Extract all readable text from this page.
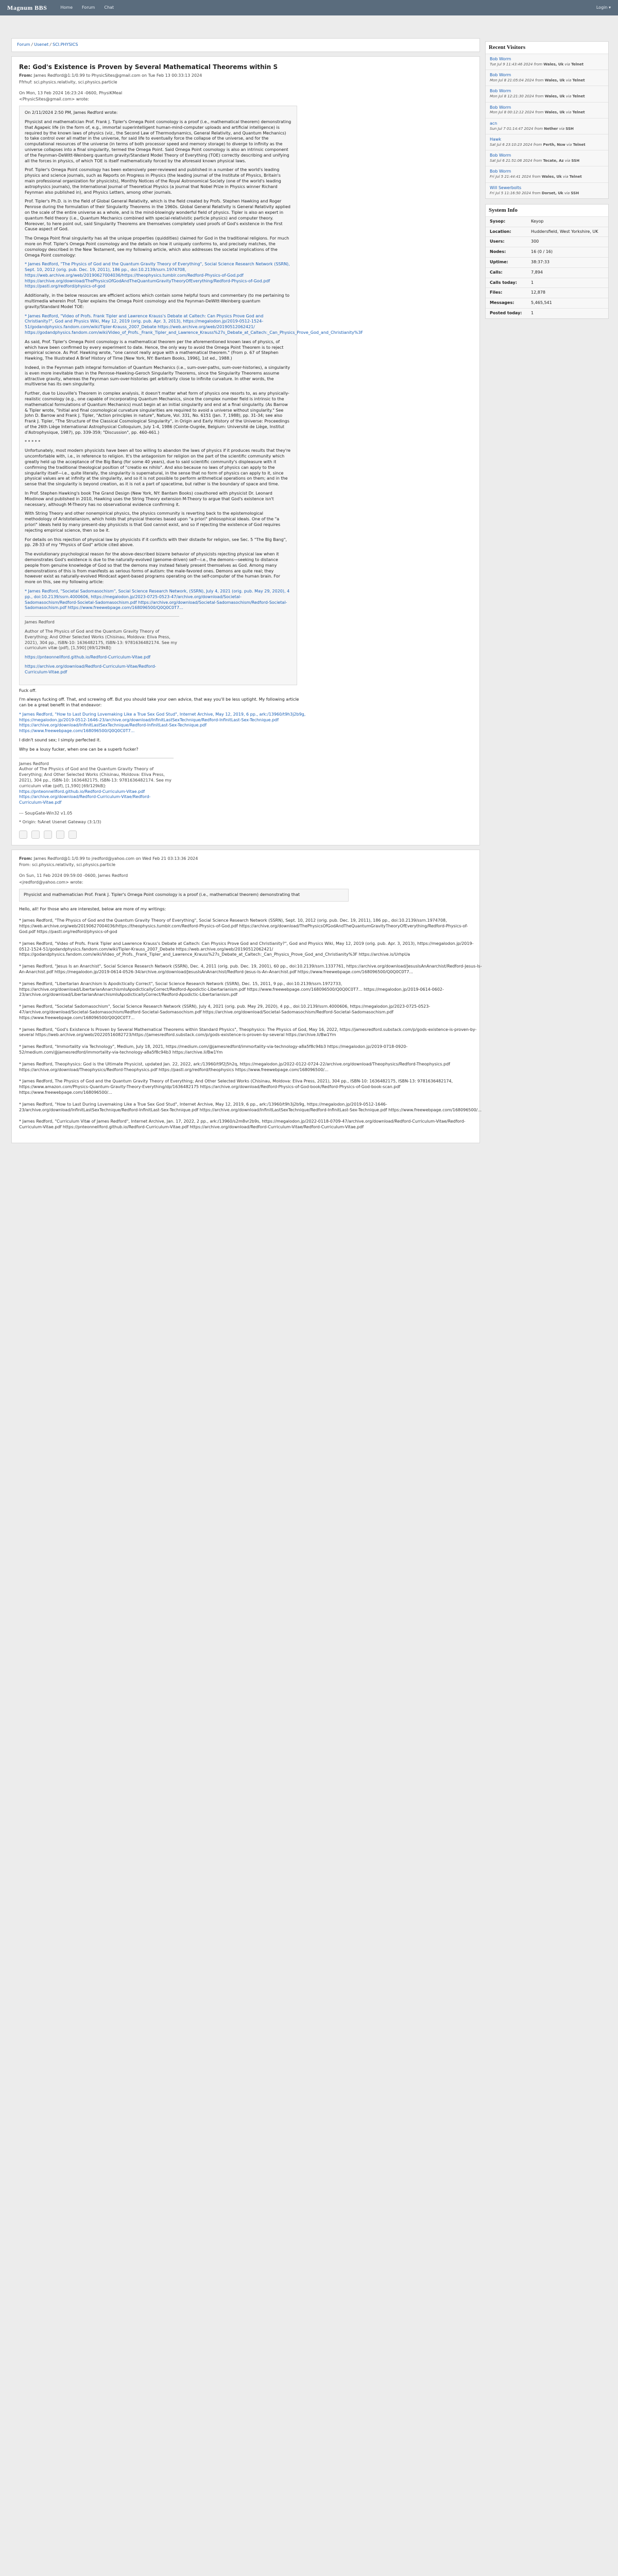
Magnum BBS	Home Forum Chat	Login ▾
Forum / Usenet / SCI.PHYSICS
Re: God's Existence is Proven by Several Mathematical Theorems within S
From: James Redford@1:1/0.99 to PhysicSites@gmail.com on Tue Feb 13 00:33:13 2024
Ffrhuf: sci.physics.relativity, sci.physics.particle
On Mon, 13 Feb 2024 16:23:24 -0600, PhysiKMeal
<PhysicSites@gmail.com> wrote:

On 2/11/2024 2:50 PM, James Redford wrote:

Physicist and mathematician Prof. Frank J. Tipler's Omega Point cosmology is a proof (i.e., mathematical theorem) demonstrating that Agapeic life (in the form of, e.g., immortal superintelligent human-mind-computer uploads and artificial intelligence) is required by the known laws of physics (viz., the Second Law of Thermodynamics, General Relativity, and Quantum Mechanics) to take control over all matter in the universe, for said life to eventually force the collapse of the universe, and for the computational resources of the universe (in terms of both processor speed and memory storage) to diverge to infinity as the universe collapses into a final singularity, termed the Omega Point. Said Omega Point cosmology is also an intrinsic component of the Feynman-DeWitt-Weinberg quantum gravity/Standard Model Theory of Everything (TOE) correctly describing and unifying all the forces in physics, of which TOE is itself mathematically forced by the aforesaid known physical laws.

Prof. Tipler's Omega Point cosmology has been extensively peer-reviewed and published in a number of the world's leading physics and science journals, such as Reports on Progress in Physics (the leading journal of the Institute of Physics, Britain's main professional organization for physicists), Monthly Notices of the Royal Astronomical Society (one of the world's leading astrophysics journals), the International Journal of Theoretical Physics (a journal that Nobel Prize in Physics winner Richard Feynman also published in), and Physics Letters, among other journals.

Prof. Tipler's Ph.D. is in the field of Global General Relativity, which is the field created by Profs. Stephen Hawking and Roger Penrose during the formulation of their Singularity Theorems in the 1960s. Global General Relativity is General Relativity applied on the scale of the entire universe as a whole, and is the mind-blowingly wonderful field of physics. Tipler is also an expert in quantum field theory (i.e., Quantum Mechanics combined with special-relativistic particle physics) and computer theory. Moreover, to here point out, said Singularity Theorems are themselves completely used proofs of God's existence in the First Cause aspect of God.

The Omega Point final singularity has all the unique properties (quiddities) claimed for God in the traditional religions. For much more on Prof. Tipler's Omega Point cosmology and the details on how it uniquely conforms to, and precisely matches, the cosmology described in the New Testament, see my following article, which also addresses the societal implications of the Omega Point cosmology:

* James Redford, "The Physics of God and the Quantum Gravity Theory of Everything", Social Science Research Network (SSRN), Sept. 10, 2012 (orig. pub. Dec. 19, 2011), 186 pp., doi:10.2139/ssrn.1974708, https://web.archive.org/web/20190627004036/https://theophysics.tumblr.com/Redford-Physics-of-God.pdf https://archive.org/download/ThePhysicsOfGodAndTheQuantumGravityTheoryOfEverything/Redford-Physics-of-God.pdf https://pastl.org/redford/physics-of-god

Additionally, in the below resources are efficient actions which contain some helpful tours and commentary (to me pertaining to multimedia wherein Prof. Tipler explains the Omega Point cosmology and the Feynman-DeWitt-Weinberg quantum gravity/Standard Model TOE:

* James Redford, "Video of Profs. Frank Tipler and Lawrence Krauss's Debate at Caltech: Can Physics Prove God and Christianity?", God and Physics Wiki, May 12, 2019 (orig. pub. Apr. 3, 2013), https://megalodon.jp/2019-0512-1524-51/godandphysics.fandom.com/wiki/Tipler-Krauss_2007_Debate https://web.archive.org/web/20190512062421/ https://godandphysics.fandom.com/wiki/Video_of_Profs._Frank_Tipler_and_Lawrence_Krauss%27s_Debate_at_Caltech:_Can_Physics_Prove_God_and_Christianity%3F

As said, Prof. Tipler's Omega Point cosmology is a mathematical theorem per the aforementioned known laws of physics, of which have been confirmed by every experiment to date. Hence, the only way to avoid the Omega Point Theorem is to reject empirical science. As Prof. Hawking wrote, "one cannot really argue with a mathematical theorem." (From p. 67 of Stephen Hawking, The Illustrated A Brief History of Time [New York, NY: Bantam Books, 1996], 1st ed., 1988.)

Indeed, in the Feynman path integral formulation of Quantum Mechanics (i.e., sum-over-paths, sum-over-histories), a singularity is even more inevitable than in the Penrose-Hawking-Geroch Singularity Theorems, since the Singularity Theorems assume attractive gravity, whereas the Feynman sum-over-histories get arbitrarily close to infinite curvature. In other words, the multiverse has its own singularity.

Further, due to Liouville's Theorem in complex analysis, it doesn't matter what form of physics one resorts to, as any physically-realistic cosmology (e.g., one capable of incorporating Quantum Mechanics, since the complex number field is intrinsic to the mathematical formulations of Quantum Mechanics) must begin at an initial singularity and end at a final singularity. (As Barrow & Tipler wrote, "Initial and final cosmological curvature singularities are required to avoid a universe without singularity." See John D. Barrow and Frank J. Tipler, "Action principles in nature", Nature, Vol. 331, No. 6151 (Jan. 7, 1988), pp. 31-34; see also Frank J. Tipler, "The Structure of the Classical Cosmological Singularity", in Origin and Early History of the Universe: Proceedings of the 26th Liège International Astrophysical Colloquium, July 1-4, 1986 (Cointe-Ougrée, Belgium: Université de Liège, Institut d'Astrophysique, 1987), pp. 339-359; "Discussion", pp. 460-461.)

* * * * *

Unfortunately, most modern physicists have been all too willing to abandon the laws of physics if it produces results that they're uncomfortable with, i.e., in reference to religion. It's the antagonism for religion on the part of the scientific community which greatly held up the acceptance of the Big Bang (for some 40 years), due to said scientific community's displeasure with it confirming the traditional theological position of "creatio ex nihilo". And also because no laws of physics can apply to the singularity itself—i.e., quite literally, the singularity is supernatural, in the sense that no form of physics can apply to it, since physical values are at infinity at the singularity, and so it is not possible to perform arithmetical operations on them; and in the sense that the singularity is beyond creation, as it is not a part of spacetime, but rather is the boundary of space and time.

In Prof. Stephen Hawking's book The Grand Design (New York, NY: Bantam Books) coauthored with physicist Dr. Leonard Mlodinow and published in 2010, Hawking uses the String Theory extension M-Theory to argue that God's existence isn't necessary, although M-Theory has no observational evidence confirming it.

With String Theory and other nonempirical physics, the physics community is reverting back to the epistemological methodology of Aristotelianism, which holds that physical theories based upon "a priori" philosophical ideals. One of the "a priori" ideals held by many present-day physicists is that God cannot exist, and so if rejecting the existence of God requires rejecting empirical science, then so be it.

For details on this rejection of physical law by physicists if it conflicts with their distaste for religion, see Sec. 5 "The Big Bang", pp. 28-33 of my "Physics of God" article cited above.

The evolutionary psychological reason for the above-described bizarre behavior of physicists rejecting physical law when it demonstrates God's existence is due to the naturally-evolved (genome-driven) self—i.e., the demons—seeking to distance people from genuine knowledge of God so that the demons may instead falsely present themselves as God. Among many demonstrations of this is from manifests as serious forms of autism: the male-favored ones. Demons are quite real; they however exist as naturally-evolved Mindcast agent-based programs operating on the self-computer of the human brain. For more on this, see my following article:

* James Redford, "Societal Sadomasochism", Social Science Research Network, (SSRN), July 4, 2021 (orig. pub. May 29, 2020), 4 pp., doi:10.2139/ssrn.4000606, https://megalodon.jp/2023-0725-0523-47/archive.org/download/Societal-Sadomasochism/Redford-Societal-Sadomasochism.pdf https://archive.org/download/Societal-Sadomasochism/Redford-Societal-Sadomasochism.pdf https://www.freewebpage.com/168096500/Q0Q0C0T7...

James Redford

Author of The Physics of God and the Quantum Gravity Theory of Everything; And Other Selected Works (Chisinau, Moldova: Eliva Press, 2021), 304 pp., ISBN-10: 1636482175, ISBN-13: 9781636482174. See my curriculum vitæ (pdf), [1,590] [69/129kB]:

https://pnteonnellford.github.io/Redford-Curriculum-Vitae.pdf

https://archive.org/download/Redford-Curriculum-Vitae/Redford-Curriculum-Vitae.pdf

Fuck off.

I'm always fucking off. That, and screwing off. But you should take your own advice, that way you'll be less uptight. My following article can be a great benefit in that endeavor:

* James Redford, "How to Last During Lovemaking Like a True Sex God Stud", Internet Archive, May 12, 2019, 6 pp., ark:/13960/t9h3j2b9g, https://megalodon.jp/2019-0512-1646-23/archive.org/download/InfinitLastSexTechnique/Redford-InfinitLast-Sex-Technique.pdf https://archive.org/download/InfinitLastSexTechnique/Redford-InfinitLast-Sex-Technique.pdf https://www.freewebpage.com/168096500/Q0Q0C0T7...

I didn't sound sex; I simply perfected it.

Why be a lousy fucker, when one can be a superb fucker?

James Redford

Author of The Physics of God and the Quantum Gravity Theory of Everything; And Other Selected Works (Chisinau, Moldova: Eliva Press, 2021), 304 pp., ISBN-10: 1636482175, ISBN-13: 9781636482174. See my curriculum vitæ (pdf), [1,590] [69/129kB]:

https://pnteonnellford.github.io/Redford-Curriculum-Vitae.pdf

https://archive.org/download/Redford-Curriculum-Vitae/Redford-Curriculum-Vitae.pdf

--- SoupGate-Win32 v1.05
* Origin: fsAnet Usenet Gateway (3:1/3)
From: James Redford@1:1/0.99 to jredford@yahoo.com on Wed Feb 21 03:13:36 2024
From: sci.physics.relativity, sci.physics.particle
On Sun, 11 Feb 2024 09:59:00 -0600, James Redford
<jredford@yahoo.com> wrote:
Physicist and mathematician Prof. Frank J. Tipler's Omega Point cosmology is a proof (i.e., mathematical theorem) demonstrating that

Hello, all! For those who are interested, below are more of my writings:

* James Redford, "The Physics of God and the Quantum Gravity Theory of Everything", Social Science Research Network (SSRN), Sept. 10, 2012 (orig. pub. Dec. 19, 2011), 186 pp., doi:10.2139/ssrn.1974708, https://web.archive.org/web/20190627004036/https://theophysics.tumblr.com/Redford-Physics-of-God.pdf https://archive.org/download/ThePhysicsOfGodAndTheQuantumGravityTheoryOfEverything/Redford-Physics-of-God.pdf https://pastl.org/redford/physics-of-god

* James Redford, "Video of Profs. Frank Tipler and Lawrence Krauss's Debate at Caltech: Can Physics Prove God and Christianity?", God and Physics Wiki, May 12, 2019 (orig. pub. Apr. 3, 2013), https://megalodon.jp/2019-0512-1524-51/godandphysics.fandom.com/wiki/Tipler-Krauss_2007_Debate https://web.archive.org/web/20190512062421/ https://godandphysics.fandom.com/wiki/Video_of_Profs._Frank_Tipler_and_Lawrence_Krauss%27s_Debate_at_Caltech:_Can_Physics_Prove_God_and_Christianity%3F https://archive.is/UrhpUa

* James Redford, "Jesus Is an Anarchist", Social Science Research Network (SSRN), Dec. 4, 2011 (orig. pub. Dec. 19, 2001), 60 pp., doi:10.2139/ssrn.1337761, https://archive.org/download/JesusIsAnAnarchist/Redford-Jesus-Is-An-Anarchist.pdf https://megalodon.jp/2019-0614-0526-34/archive.org/download/JesusIsAnAnarchist/Redford-Jesus-Is-An-Anarchist.pdf https://www.freewebpage.com/168096500/Q0Q0C0T7...

* James Redford, "Libertarian Anarchism Is Apodictically Correct", Social Science Research Network (SSRN), Dec. 15, 2011, 9 pp., doi:10.2139/ssrn.1972733, https://archive.org/download/LibertarianAnarchismIsApodicticallyCorrect/Redford-Apodictic-Libertarianism.pdf https://www.freewebpage.com/168096500/Q0Q0C0T7... https://megalodon.jp/2019-0614-0602-23/archive.org/download/LibertarianAnarchismIsApodicticallyCorrect/Redford-Apodictic-Libertarianism.pdf

* James Redford, "Societal Sadomasochism", Social Science Research Network (SSRN), July 4, 2021 (orig. pub. May 29, 2020), 4 pp., doi:10.2139/ssrn.4000606, https://megalodon.jp/2023-0725-0523-47/archive.org/download/Societal-Sadomasochism/Redford-Societal-Sadomasochism.pdf https://archive.org/download/Societal-Sadomasochism/Redford-Societal-Sadomasochism.pdf https://www.freewebpage.com/168096500/Q0Q0C0T7...

* James Redford, "God's Existence Is Proven by Several Mathematical Theorems within Standard Physics", Theophysics: The Physics of God, May 16, 2022, https://jamesredford.substack.com/p/gods-existence-is-proven-by-several https://web.archive.org/web/20220516082723/https://jamesredford.substack.com/p/gods-existence-is-proven-by-several https://archive.li/Bw1Ym

* James Redford, "Immortality via Technology", Medium, July 18, 2021, https://medium.com/@jamesredford/immortality-via-technology-a8a5f8c94b3 https://megalodon.jp/2019-0718-0920-52/medium.com/@jamesredford/immortality-via-technology-a8a5f8c94b3 https://archive.li/Bw1Ym

* James Redford, Theophysics: God is the Ultimate Physicist, updated Jan. 22, 2022, ark:/13960/t9f2j5h2q, https://megalodon.jp/2022-0122-0724-22/archive.org/download/Theophysics/Redford-Theophysics.pdf https://archive.org/download/Theophysics/Redford-Theophysics.pdf https://pastl.org/redford/theophysics https://www.freewebpage.com/168096500/...

* James Redford, The Physics of God and the Quantum Gravity Theory of Everything; And Other Selected Works (Chisinau, Moldova: Eliva Press, 2021), 304 pp., ISBN-10: 1636482175, ISBN-13: 9781636482174, https://www.amazon.com/Physics-Quantum-Gravity-Theory-Everything/dp/1636482175 https://archive.org/download/Redford-Physics-of-God-book/Redford-Physics-of-God-book-scan.pdf https://www.freewebpage.com/168096500/...

* James Redford, "How to Last During Lovemaking Like a True Sex God Stud", Internet Archive, May 12, 2019, 6 pp., ark:/13960/t9h3j2b9g, https://megalodon.jp/2019-0512-1646-23/archive.org/download/InfinitLastSexTechnique/Redford-InfinitLast-Sex-Technique.pdf https://archive.org/download/InfinitLastSexTechnique/Redford-InfinitLast-Sex-Technique.pdf https://www.freewebpage.com/168096500/...

* James Redford, "Curriculum Vitæ of James Redford", Internet Archive, Jan. 17, 2022, 2 pp., ark:/13960/s2m8vr2b9s, https://megalodon.jp/2022-0118-0709-47/archive.org/download/Redford-Curriculum-Vitae/Redford-Curriculum-Vitae.pdf https://pnteonnellford.github.io/Redford-Curriculum-Vitae.pdf https://archive.org/download/Redford-Curriculum-Vitae/Redford-Curriculum-Vitae.pdf

Recent Visitors
Bob Worm
Tue Jul 9 11:43:46 2024 from Wales, Uk via Telnet
Bob Worm
Mon Jul 8 21:05:04 2024 from Wales, Uk via Telnet
Bob Worm
Mon Jul 8 12:21:30 2024 from Wales, Uk via Telnet
Bob Worm
Mon Jul 8 00:12:12 2024 from Wales, Uk via Telnet
acn
Sun Jul 7 01:14:47 2024 from Nether via SSH
Hawk
Sat Jul 6 23:10:23 2024 from Perth, Nsw via Telnet
Bob Worm
Sat Jul 6 21:51:06 2024 from Tecate, Az via SSH
Bob Worm
Fri Jul 5 21:44:41 2024 from Wales, Uk via Telnet
Will Sewerbolts
Fri Jul 5 11:16:50 2024 from Dorset, Uk via SSH
System Info
Sysop:	Keyop
Location:	Huddersfield, West Yorkshire, UK
Users:	300
Nodes:	16 (0 / 16)
Uptime:	38:37:33
Calls:	7,894
Calls today:	1
Files:	12,878
Messages:	5,465,541
Posted today:	1
